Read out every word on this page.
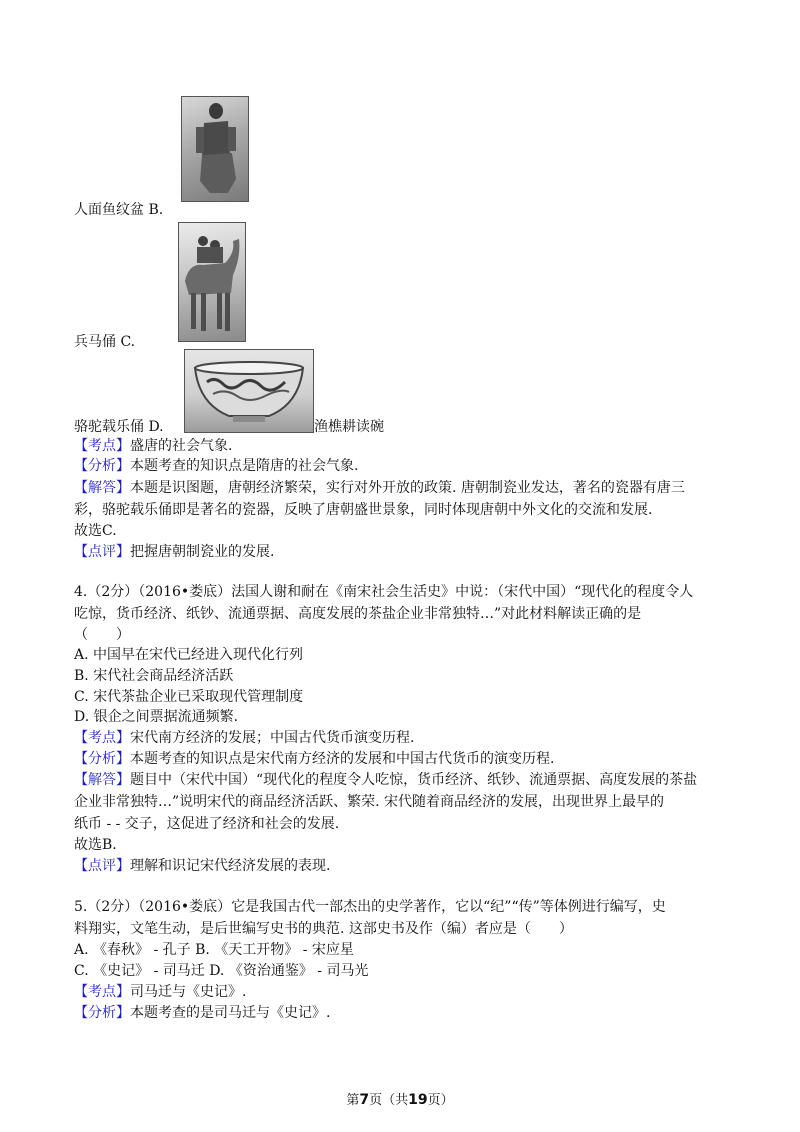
人面鱼纹盆 B.
兵马俑 C.
骆驼载乐俑 D.	渔樵耕读碗
【考点】盛唐的社会气象.
【分析】本题考查的知识点是隋唐的社会气象.
【解答】本题是识图题，唐朝经济繁荣，实行对外开放的政策. 唐朝制瓷业发达，著名的瓷器有唐三
彩，骆驼载乐俑即是著名的瓷器，反映了唐朝盛世景象，同时体现唐朝中外文化的交流和发展.
故选C.
【点评】把握唐朝制瓷业的发展.
4.（2分）（2016•娄底）法国人谢和耐在《南宋社会生活史》中说：（宋代中国）“现代化的程度令人
吃惊，货币经济、纸钞、流通票据、高度发展的茶盐企业非常独特…”对此材料解读正确的是
（　　）
A. 中国早在宋代已经进入现代化行列
B. 宋代社会商品经济活跃
C. 宋代茶盐企业已采取现代管理制度
D. 银企之间票据流通频繁.
【考点】宋代南方经济的发展；中国古代货币演变历程.
【分析】本题考查的知识点是宋代南方经济的发展和中国古代货币的演变历程.
【解答】题目中（宋代中国）“现代化的程度令人吃惊，货币经济、纸钞、流通票据、高度发展的茶盐
企业非常独特…”说明宋代的商品经济活跃、繁荣. 宋代随着商品经济的发展，出现世界上最早的
纸币 - - 交子，这促进了经济和社会的发展.
故选B.
【点评】理解和识记宋代经济发展的表现.
5.（2分）（2016•娄底）它是我国古代一部杰出的史学著作，它以“纪”“传”等体例进行编写，史
料翔实，文笔生动，是后世编写史书的典范. 这部史书及作（编）者应是（　　）
A. 《春秋》 - 孔子 B. 《天工开物》 - 宋应星
C. 《史记》 - 司马迁 D. 《资治通鉴》 - 司马光
【考点】司马迁与《史记》.
【分析】本题考查的是司马迁与《史记》.
第7页（共19页）
